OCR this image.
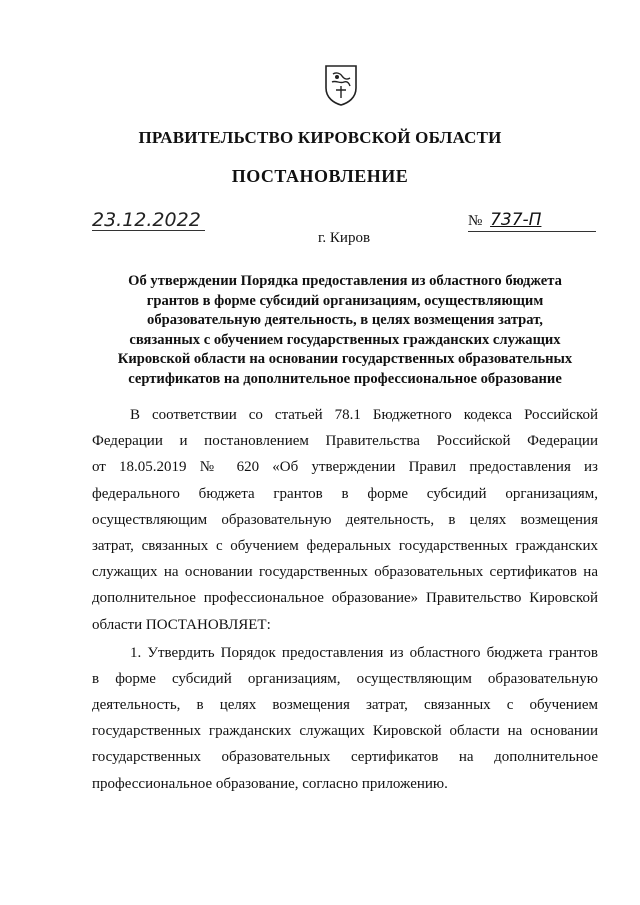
ПРАВИТЕЛЬСТВО КИРОВСКОЙ ОБЛАСТИ
ПОСТАНОВЛЕНИЕ
23.12.2022	№ 737-П
г. Киров
Об утверждении Порядка предоставления из областного бюджета
грантов в форме субсидий организациям, осуществляющим
образовательную деятельность, в целях возмещения затрат,
связанных с обучением государственных гражданских служащих
Кировской области на основании государственных образовательных
сертификатов на дополнительное профессиональное образование
В соответствии со статьей 78.1 Бюджетного кодекса Российской
Федерации и постановлением Правительства Российской Федерации
от 18.05.2019 № 620 «Об утверждении Правил предоставления из
федерального бюджета грантов в форме субсидий организациям,
осуществляющим образовательную деятельность, в целях возмещения
затрат, связанных с обучением федеральных государственных гражданских
служащих на основании государственных образовательных сертификатов на
дополнительное профессиональное образование» Правительство Кировской
области ПОСТАНОВЛЯЕТ:
1. Утвердить Порядок предоставления из областного бюджета грантов
в форме субсидий организациям, осуществляющим образовательную
деятельность, в целях возмещения затрат, связанных с обучением
государственных гражданских служащих Кировской области на основании
государственных образовательных сертификатов на дополнительное
профессиональное образование, согласно приложению.
